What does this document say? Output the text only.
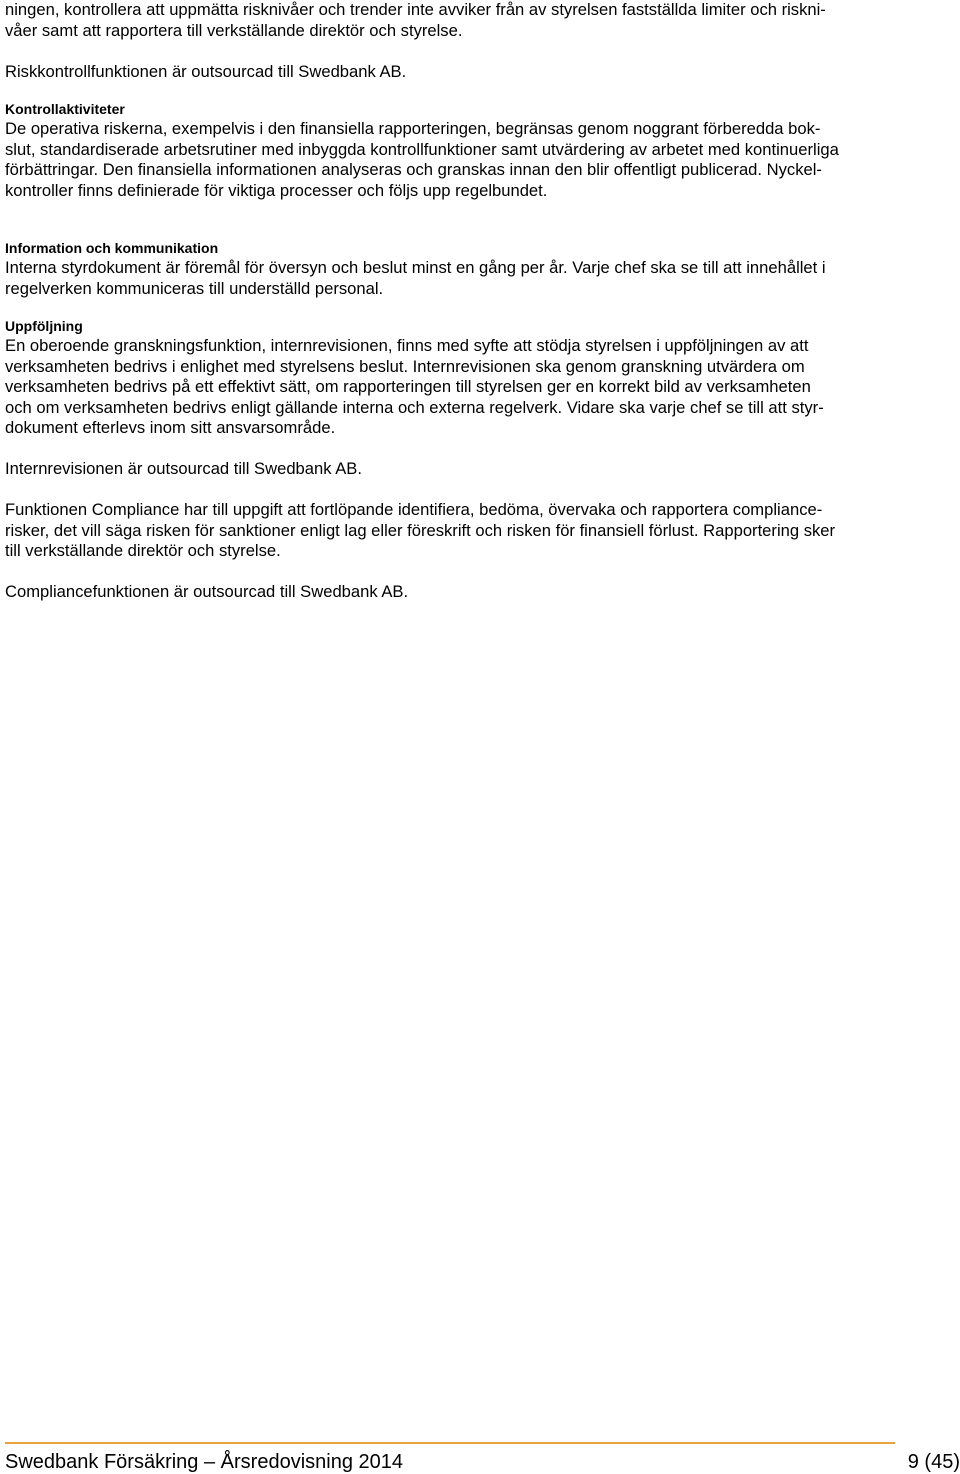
ningen, kontrollera att uppmätta risknivåer och trender inte avviker från av styrelsen fastställda limiter och riskni-
våer samt att rapportera till verkställande direktör och styrelse.
Riskkontrollfunktionen är outsourcad till Swedbank AB.
Kontrollaktiviteter
De operativa riskerna, exempelvis i den finansiella rapporteringen, begränsas genom noggrant förberedda bok-
slut, standardiserade arbetsrutiner med inbyggda kontrollfunktioner samt utvärdering av arbetet med kontinuerliga
förbättringar. Den finansiella informationen analyseras och granskas innan den blir offentligt publicerad. Nyckel-
kontroller finns definierade för viktiga processer och följs upp regelbundet.
Information och kommunikation
Interna styrdokument är föremål för översyn och beslut minst en gång per år. Varje chef ska se till att innehållet i
regelverken kommuniceras till underställd personal.
Uppföljning
En oberoende granskningsfunktion, internrevisionen, finns med syfte att stödja styrelsen i uppföljningen av att
verksamheten bedrivs i enlighet med styrelsens beslut. Internrevisionen ska genom granskning utvärdera om
verksamheten bedrivs på ett effektivt sätt, om rapporteringen till styrelsen ger en korrekt bild av verksamheten
och om verksamheten bedrivs enligt gällande interna och externa regelverk. Vidare ska varje chef se till att styr-
dokument efterlevs inom sitt ansvarsområde.
Internrevisionen är outsourcad till Swedbank AB.
Funktionen Compliance har till uppgift att fortlöpande identifiera, bedöma, övervaka och rapportera compliance-
risker, det vill säga risken för sanktioner enligt lag eller föreskrift och risken för finansiell förlust. Rapportering sker
till verkställande direktör och styrelse.
Compliancefunktionen är outsourcad till Swedbank AB.
Swedbank Försäkring – Årsredovisning 2014	9 (45)
